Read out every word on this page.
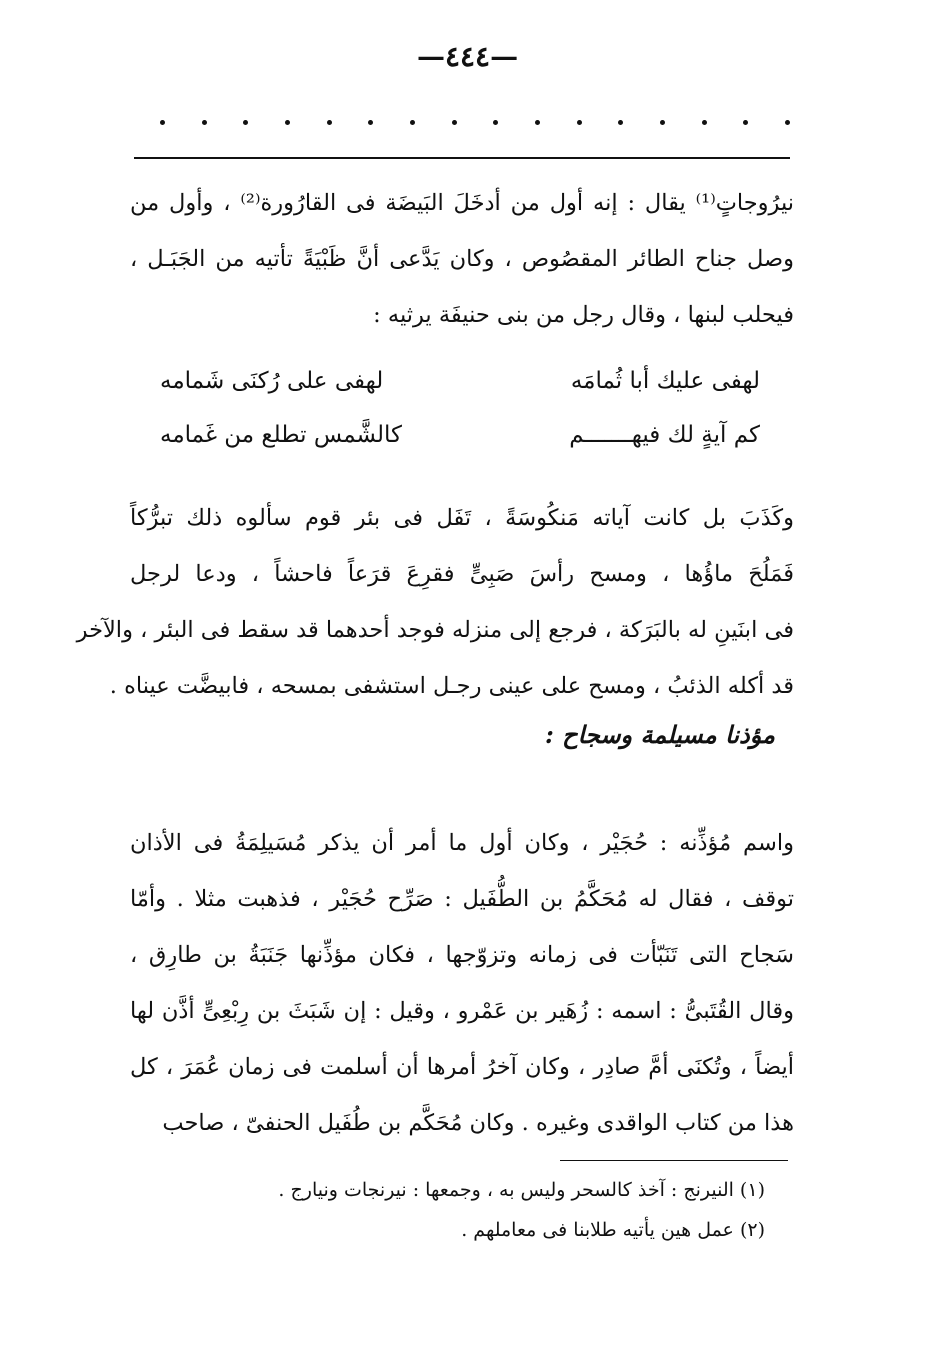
—٤٤٤—
نيرُوجاتٍ⁽¹⁾ يقال : إنه أول من أدخَلَ البَيضَة فى القارُورة⁽²⁾ ، وأول من
وصل جناح الطائر المقصُوص ، وكان يَدَّعى أنَّ ظَبْيَةً تأتيه من الجَبَـل ،
فيحلب لبنها ، وقال رجل من بنى حنيفَة يرثيه :
لهفى عليك أبا ثُمامَه
لهفى على رُكنَى شَمامه
كم آيةٍ لك فيهـــــــم
كالشَّمس تطلع من غَمامه
وكَذَبَ بل كانت آياته مَنكُوسَةً ، تَفَل فى بئر قوم سألوه ذلك تبرُّكاً
فَمَلُحَ ماؤُها ، ومسح رأسَ صَبِىٍّ فقرِعَ قرَعاً فاحشاً ، ودعا لرجل
فى ابنَينِ له بالبَرَكة ، فرجع إلى منزله فوجد أحدهما قد سقط فى البئر ، والآخر
قد أكله الذئبُ ، ومسح على عينى رجـل استشفى بمسحه ، فابيضَّت عيناه .
مؤذنا مسيلمة وسجاح :
واسم مُؤذِّنه : حُجَيْر ، وكان أول ما أمر أن يذكر مُسَيلِمَةُ فى الأذان
توقف ، فقال له مُحَكَّمُ بن الطُّفَيل : صَرِّح حُجَيْر ، فذهبت مثلا . وأمّا
سَجاح التى تَنَبّأت فى زمانه وتزوّجها ، فكان مؤذِّنها جَنَبَةُ بن طارِق ،
وقال القُتَبىُّ : اسمه : زُهَير بن عَمْرو ، وقيل : إن شَبَثَ بن رِبْعِىٍّ أذَّن لها
أيضاً ، وتُكنَى أمَّ صادِر ، وكان آخرُ أمرها أن أسلمت فى زمان عُمَرَ ، كل
هذا من كتاب الواقدى وغيره . وكان مُحَكَّم بن طُفَيل الحنفىّ ، صاحب
(١) النيرنج : آخذ كالسحر وليس به ، وجمعها : نيرنجات ونيارج .
(٢) عمل هين يأتيه طلابنا فى معاملهم .
